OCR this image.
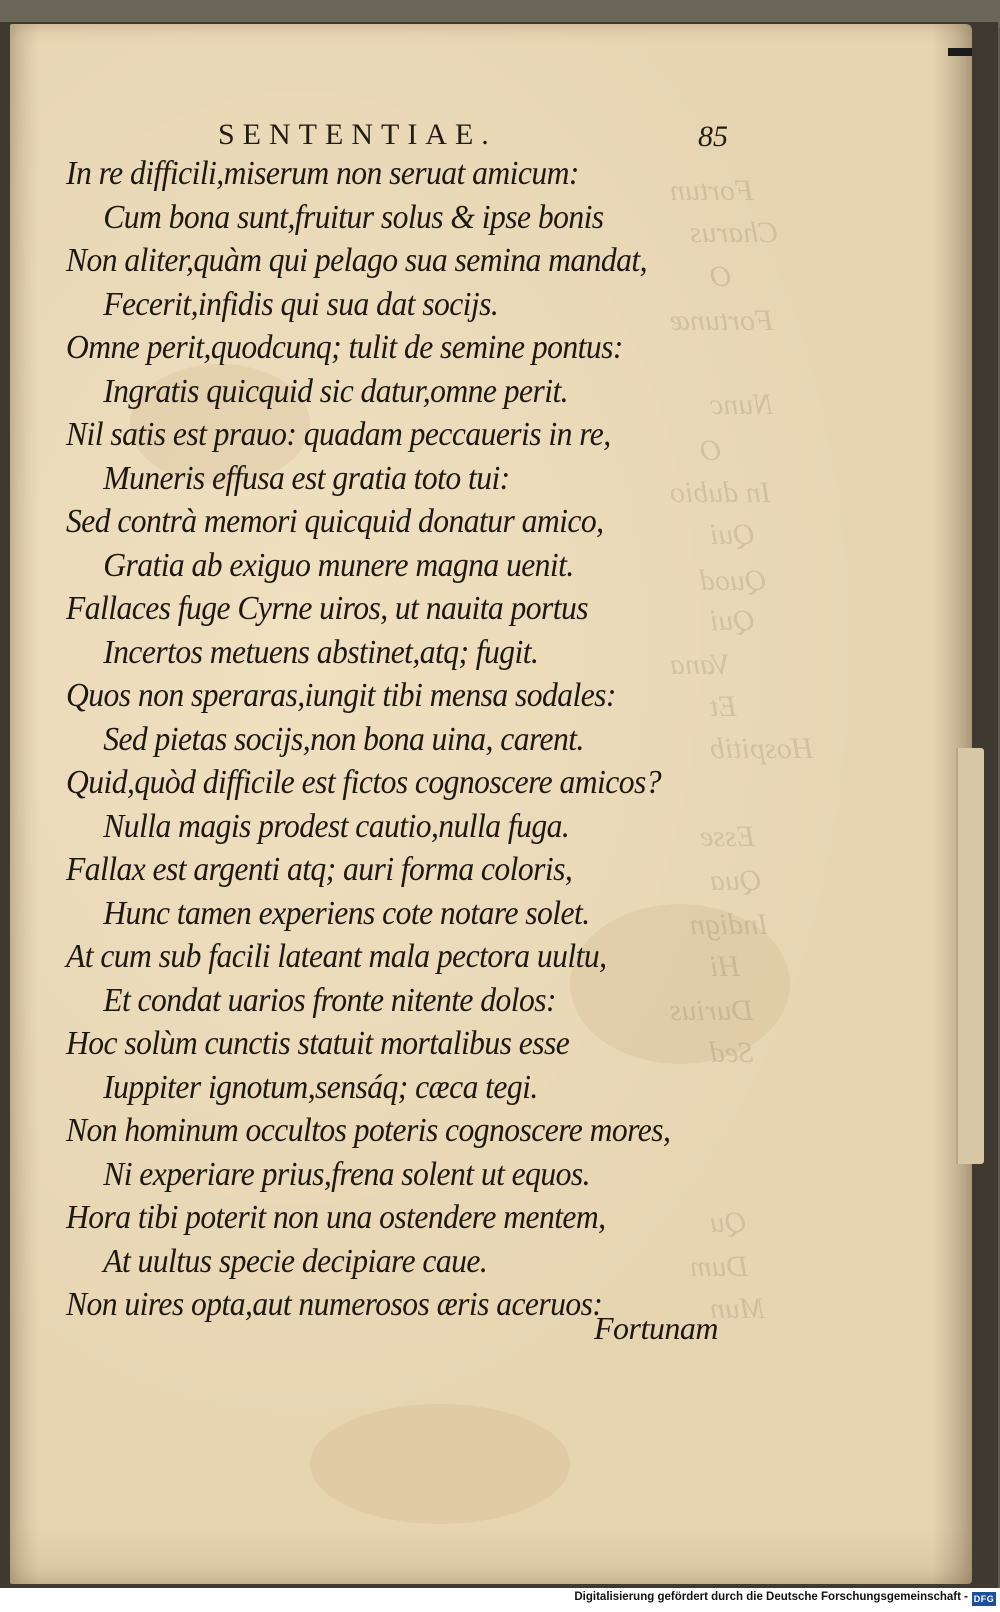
Fortun
Charus
O
Fortunæ
Nunc
O
In dubio
Qui
Quod
Qui
Vana
Et
Hospitib
Esse
Qua
Indign
Hi
Durius
Sed
Qu
Dum
Mun
SENTENTIAE.	85
In re difficili,miserum non seruat amicum:
Cum bona sunt,fruitur solus & ipse bonis
Non aliter,quàm qui pelago sua semina mandat,
Fecerit,infidis qui sua dat socijs.
Omne perit,quodcunq; tulit de semine pontus:
Ingratis quicquid sic datur,omne perit.
Nil satis est prauo: quadam peccaueris in re,
Muneris effusa est gratia toto tui:
Sed contrà memori quicquid donatur amico,
Gratia ab exiguo munere magna uenit.
Fallaces fuge Cyrne uiros, ut nauita portus
Incertos metuens abstinet,atq; fugit.
Quos non speraras,iungit tibi mensa sodales:
Sed pietas socijs,non bona uina, carent.
Quid,quòd difficile est fictos cognoscere amicos?
Nulla magis prodest cautio,nulla fuga.
Fallax est argenti atq; auri forma coloris,
Hunc tamen experiens cote notare solet.
At cum sub facili lateant mala pectora uultu,
Et condat uarios fronte nitente dolos:
Hoc solùm cunctis statuit mortalibus esse
Iuppiter ignotum,sensáq; cæca tegi.
Non hominum occultos poteris cognoscere mores,
Ni experiare prius,frena solent ut equos.
Hora tibi poterit non una ostendere mentem,
At uultus specie decipiare caue.
Non uires opta,aut numerosos æris aceruos:
Fortunam
Digitalisierung gefördert durch die Deutsche Forschungsgemeinschaft - DFG
